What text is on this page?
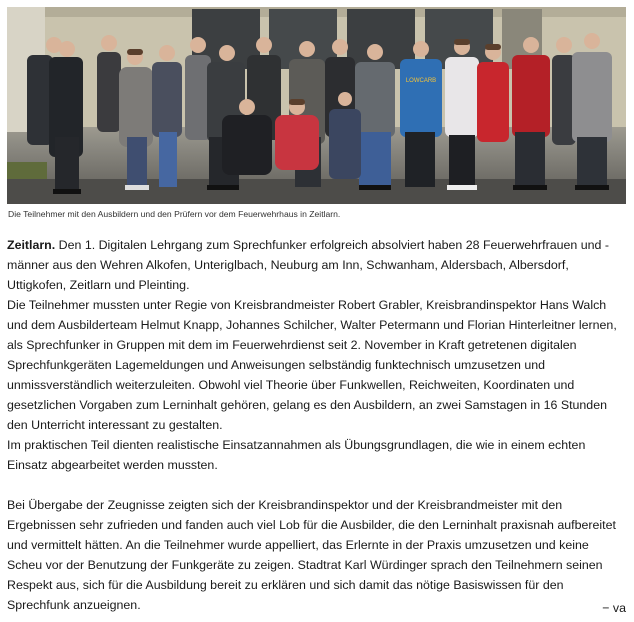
LOWCARB
Die Teilnehmer mit den Ausbildern und den Prüfern vor dem Feuerwehrhaus in Zeitlarn.

Zeitlarn. Den 1. Digitalen Lehrgang zum Sprechfunker erfolgreich absolviert haben 28 Feuerwehrfrauen und -männer aus den Wehren Alkofen, Unteriglbach, Neuburg am Inn, Schwanham, Aldersbach, Albersdorf, Uttigkofen, Zeitlarn und Pleinting.

Die Teilnehmer mussten unter Regie von Kreisbrandmeister Robert Grabler, Kreisbrandinspektor Hans Walch und dem Ausbilderteam Helmut Knapp, Johannes Schilcher, Walter Petermann und Florian Hinterleitner lernen, als Sprechfunker in Gruppen mit dem im Feuerwehrdienst seit 2. November in Kraft getretenen digitalen Sprechfunkgeräten Lagemeldungen und Anweisungen selbständig funktechnisch umzusetzen und unmissverständlich weiterzuleiten. Obwohl viel Theorie über Funkwellen, Reichweiten, Koordinaten und gesetzlichen Vorgaben zum Lerninhalt gehören, gelang es den Ausbildern, an zwei Samstagen in 16 Stunden den Unterricht interessant zu gestalten.

Im praktischen Teil dienten realistische Einsatzannahmen als Übungsgrundlagen, die wie in einem echten Einsatz abgearbeitet werden mussten.

Bei Übergabe der Zeugnisse zeigten sich der Kreisbrandinspektor und der Kreisbrandmeister mit den Ergebnissen sehr zufrieden und fanden auch viel Lob für die Ausbilder, die den Lerninhalt praxisnah aufbereitet und vermittelt hätten. An die Teilnehmer wurde appelliert, das Erlernte in der Praxis umzusetzen und keine Scheu vor der Benutzung der Funkgeräte zu zeigen. Stadtrat Karl Würdinger sprach den Teilnehmern seinen Respekt aus, sich für die Ausbildung bereit zu erklären und sich damit das nötige Basiswissen für den Sprechfunk anzueignen.	− va
